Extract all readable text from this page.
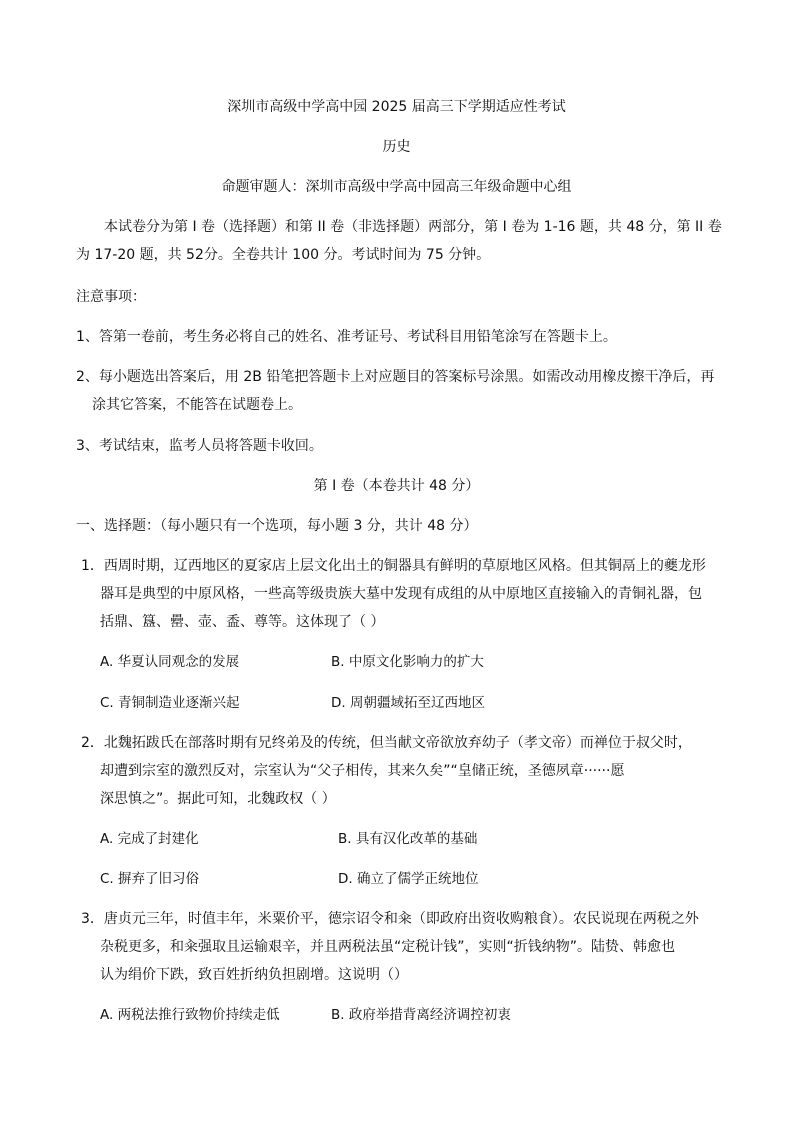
深圳市高级中学高中园 2025 届高三下学期适应性考试
历史
命题审题人：深圳市高级中学高中园高三年级命题中心组
本试卷分为第 I 卷（选择题）和第 II 卷（非选择题）两部分，第 I 卷为 1-16 题，共 48 分，第 II 卷
为 17-20 题，共 52分。全卷共计 100 分。考试时间为 75 分钟。
注意事项：
1、答第一卷前，考生务必将自己的姓名、准考证号、考试科目用铅笔涂写在答题卡上。
2、每小题选出答案后，用 2B 铅笔把答题卡上对应题目的答案标号涂黑。如需改动用橡皮擦干净后，再
涂其它答案，不能答在试题卷上。
3、考试结束，监考人员将答题卡收回。
第 I 卷（本卷共计 48 分）
一、选择题：（每小题只有一个选项，每小题 3 分，共计 48 分）
1．西周时期，辽西地区的夏家店上层文化出土的铜器具有鲜明的草原地区风格。但其铜鬲上的夔龙形
器耳是典型的中原风格，一些高等级贵族大墓中发现有成组的从中原地区直接输入的青铜礼器，包
括鼎、簋、罍、壶、盉、尊等。这体现了（ ）
A. 华夏认同观念的发展	B. 中原文化影响力的扩大
C. 青铜制造业逐渐兴起	D. 周朝疆域拓至辽西地区
2．北魏拓跋氏在部落时期有兄终弟及的传统，但当献文帝欲放弃幼子（孝文帝）而禅位于叔父时，
却遭到宗室的激烈反对，宗室认为“父子相传，其来久矣”“皇储正统，圣德夙章······愿
深思慎之”。据此可知，北魏政权（ ）
A. 完成了封建化	B. 具有汉化改革的基础
C. 摒弃了旧习俗	D. 确立了儒学正统地位
3．唐贞元三年，时值丰年，米粟价平，德宗诏令和籴（即政府出资收购粮食）。农民说现在两税之外
杂税更多，和籴强取且运输艰辛，并且两税法虽“定税计钱”，实则“折钱纳物”。陆贽、韩愈也
认为绢价下跌，致百姓折纳负担剧增。这说明（）
A. 两税法推行致物价持续走低	B. 政府举措背离经济调控初衷
